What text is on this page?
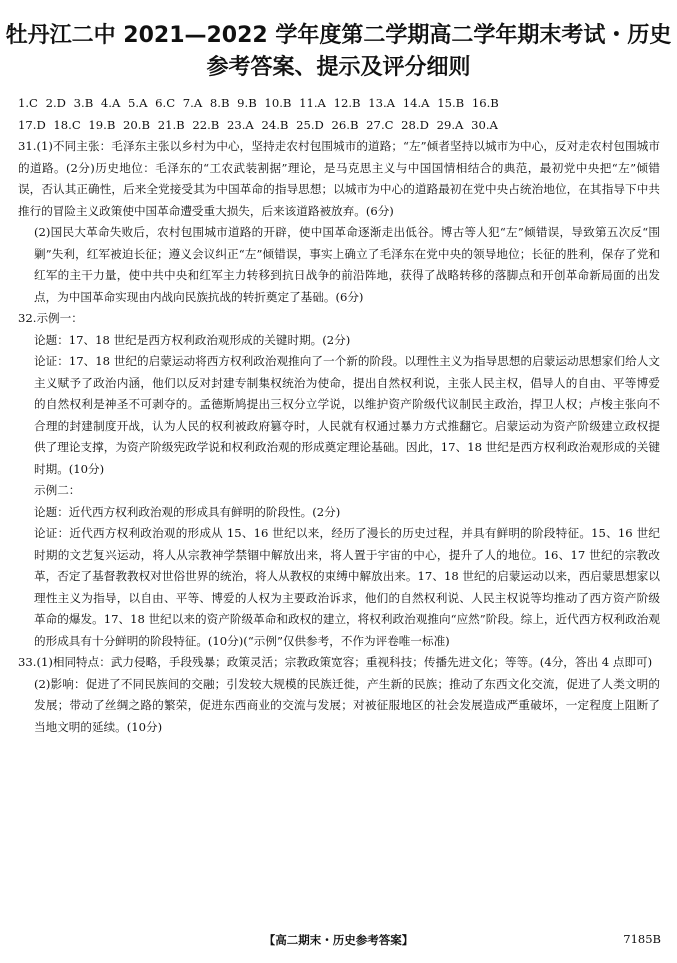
牡丹江二中 2021—2022 学年度第二学期高二学年期末考试・历史
参考答案、提示及评分细则

1.C 2.D 3.B 4.A 5.A 6.C 7.A 8.B 9.B 10.B 11.A 12.B 13.A 14.A 15.B 16.B

17.D 18.C 19.B 20.B 21.B 22.B 23.A 24.B 25.D 26.B 27.C 28.D 29.A 30.A

31.(1)不同主张：毛泽东主张以乡村为中心，坚持走农村包围城市的道路；“左”倾者坚持以城市为中心，反对走农村包围城市的道路。(2分)历史地位：毛泽东的“工农武装割据”理论，是马克思主义与中国国情相结合的典范，最初党中央把“左”倾错误，否认其正确性，后来全党接受其为中国革命的指导思想；以城市为中心的道路最初在党中央占统治地位，在其指导下中共推行的冒险主义政策使中国革命遭受重大损失，后来该道路被放弃。(6分)

(2)国民大革命失败后，农村包围城市道路的开辟，使中国革命逐渐走出低谷。博古等人犯“左”倾错误，导致第五次反“围剿”失利，红军被迫长征；遵义会议纠正“左”倾错误，事实上确立了毛泽东在党中央的领导地位；长征的胜利，保存了党和红军的主干力量，使中共中央和红军主力转移到抗日战争的前沿阵地，获得了战略转移的落脚点和开创革命新局面的出发点，为中国革命实现由内战向民族抗战的转折奠定了基础。(6分)

32.示例一：

论题：17、18 世纪是西方权利政治观形成的关键时期。(2分)

论证：17、18 世纪的启蒙运动将西方权利政治观推向了一个新的阶段。以理性主义为指导思想的启蒙运动思想家们给人文主义赋予了政治内涵，他们以反对封建专制集权统治为使命，提出自然权利说，主张人民主权，倡导人的自由、平等博爱的自然权利是神圣不可剥夺的。孟德斯鸠提出三权分立学说，以维护资产阶级代议制民主政治，捍卫人权；卢梭主张向不合理的封建制度开战，认为人民的权利被政府篡夺时，人民就有权通过暴力方式推翻它。启蒙运动为资产阶级建立政权提供了理论支撑，为资产阶级宪政学说和权利政治观的形成奠定理论基础。因此，17、18 世纪是西方权利政治观形成的关键时期。(10分)

示例二：

论题：近代西方权利政治观的形成具有鲜明的阶段性。(2分)

论证：近代西方权利政治观的形成从 15、16 世纪以来，经历了漫长的历史过程，并具有鲜明的阶段特征。15、16 世纪时期的文艺复兴运动，将人从宗教神学禁锢中解放出来，将人置于宇宙的中心，提升了人的地位。16、17 世纪的宗教改革，否定了基督教教权对世俗世界的统治，将人从教权的束缚中解放出来。17、18 世纪的启蒙运动以来，西启蒙思想家以理性主义为指导，以自由、平等、博爱的人权为主要政治诉求，他们的自然权利说、人民主权说等均推动了西方资产阶级革命的爆发。17、18 世纪以来的资产阶级革命和政权的建立，将权利政治观推向“应然”阶段。综上，近代西方权利政治观的形成具有十分鲜明的阶段特征。(10分)(“示例”仅供参考，不作为评卷唯一标准)

33.(1)相同特点：武力侵略，手段残暴；政策灵活；宗教政策宽容；重视科技；传播先进文化；等等。(4分，答出 4 点即可)

(2)影响：促进了不同民族间的交融；引发较大规模的民族迁徙，产生新的民族；推动了东西文化交流，促进了人类文明的发展；带动了丝绸之路的繁荣，促进东西商业的交流与发展；对被征服地区的社会发展造成严重破坏，一定程度上阻断了当地文明的延续。(10分)

【高二期末・历史参考答案】	7185B
